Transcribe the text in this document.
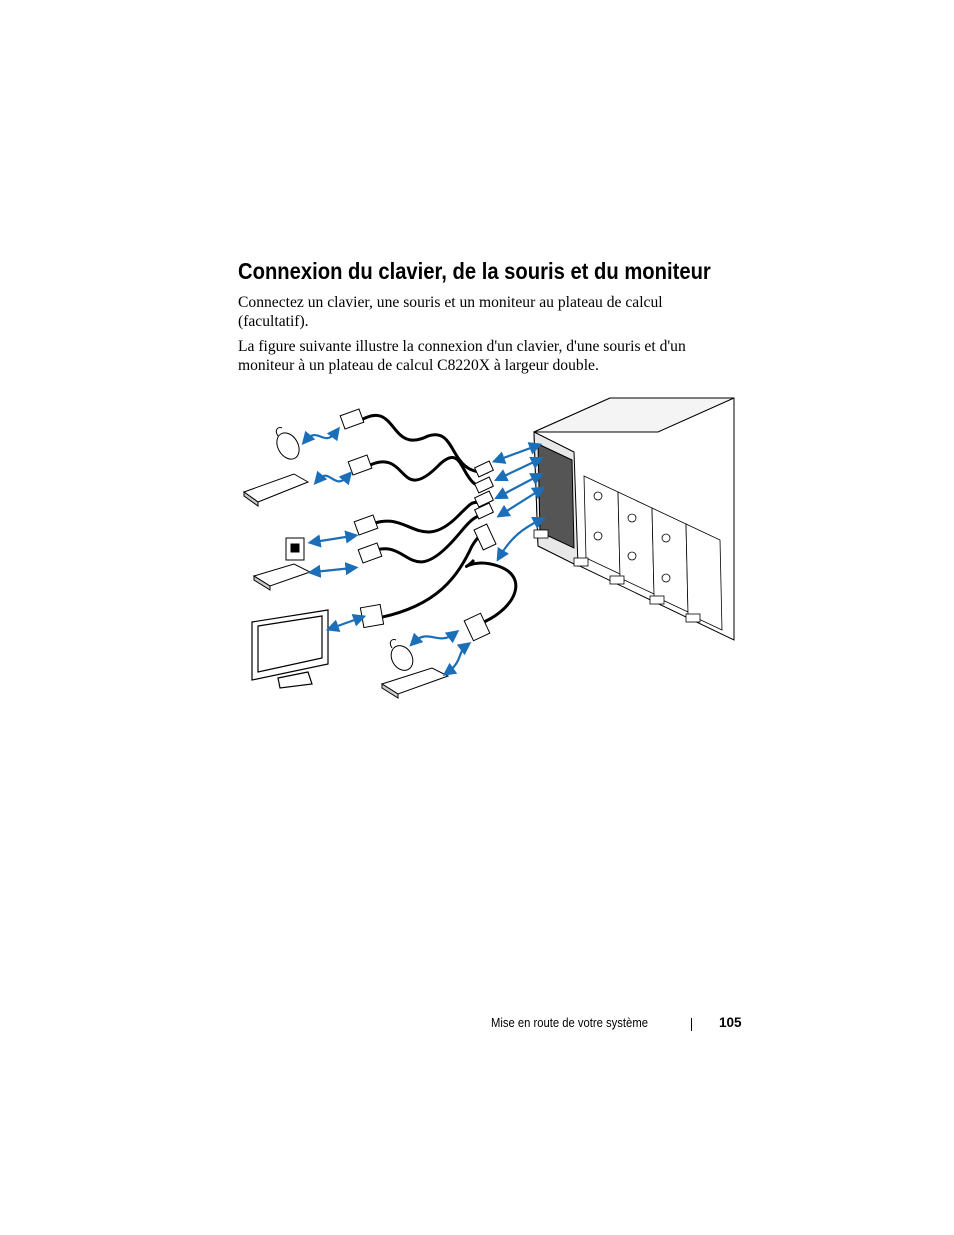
Connexion du clavier, de la souris et du moniteur

Connectez un clavier, une souris et un moniteur au plateau de calcul (facultatif).

La figure suivante illustre la connexion d'un clavier, d'une souris et d'un moniteur à un plateau de calcul C8220X à largeur double.

Mise en route de votre système	105
